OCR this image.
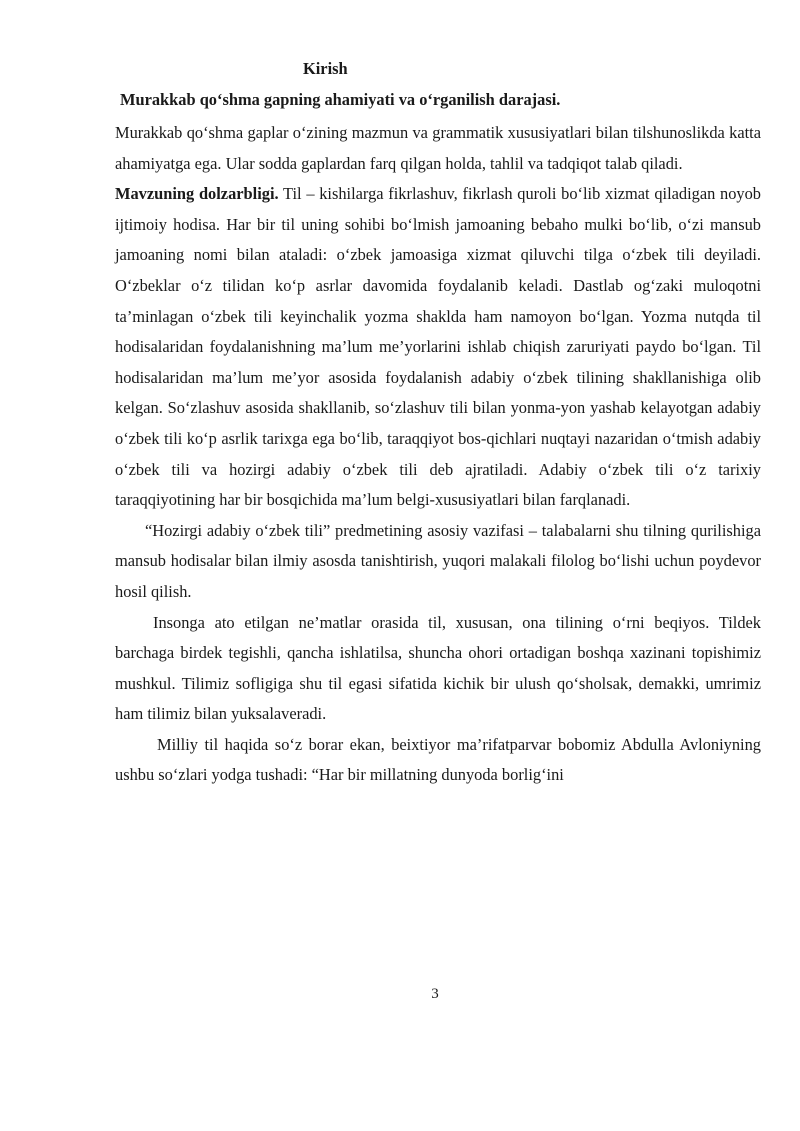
Kirish

Murakkab qo‘shma gapning ahamiyati va o‘rganilish darajasi.

Murakkab qo‘shma gaplar o‘zining mazmun va grammatik xususiyatlari bilan tilshunoslikda katta ahamiyatga ega. Ular sodda gaplardan farq qilgan holda, tahlil va tadqiqot talab qiladi.

Mavzuning dolzarbligi. Til – kishilarga fikrlashuv, fikrlash quroli bo‘lib xizmat qiladigan noyob ijtimoiy hodisa. Har bir til uning sohibi bo‘lmish jamoaning bebaho mulki bo‘lib, o‘zi mansub jamoaning nomi bilan ataladi: o‘zbek jamoasiga xizmat qiluvchi tilga o‘zbek tili deyiladi. O‘zbeklar o‘z tilidan ko‘p asrlar davomida foydalanib keladi. Dastlab og‘zaki muloqotni ta’minlagan o‘zbek tili keyinchalik yozma shaklda ham namoyon bo‘lgan. Yozma nutqda til hodisalaridan foydalanishning ma’lum me’yorlarini ishlab chiqish zaruriyati paydo bo‘lgan. Til hodisalaridan ma’lum me’yor asosida foydalanish adabiy o‘zbek tilining shakllanishiga olib kelgan. So‘zlashuv asosida shakllanib, so‘zlashuv tili bilan yonma-yon yashab kelayotgan adabiy o‘zbek tili ko‘p asrlik tarixga ega bo‘lib, taraqqiyot bos-qichlari nuqtayi nazaridan o‘tmish adabiy o‘zbek tili va hozirgi adabiy o‘zbek tili deb ajratiladi. Adabiy o‘zbek tili o‘z tarixiy taraqqiyotining har bir bosqichida ma’lum belgi-xususiyatlari bilan farqlanadi.

“Hozirgi adabiy o‘zbek tili” predmetining asosiy vazifasi – talabalarni shu tilning qurilishiga mansub hodisalar bilan ilmiy asosda tanishtirish, yuqori malakali filolog bo‘lishi uchun poydevor hosil qilish.

Insonga ato etilgan ne’matlar orasida til, xususan, ona tilining o‘rni beqiyos. Tildek barchaga birdek tegishli, qancha ishlatilsa, shuncha ohori ortadigan boshqa xazinani topishimiz mushkul. Tilimiz sofligiga shu til egasi sifatida kichik bir ulush qo‘sholsak, demakki, umrimiz ham tilimiz bilan yuksalaveradi.

Milliy til haqida so‘z borar ekan, beixtiyor ma’rifatparvar bobomiz Abdulla Avloniyning ushbu so‘zlari yodga tushadi: “Har bir millatning dunyoda borlig‘ini

3
